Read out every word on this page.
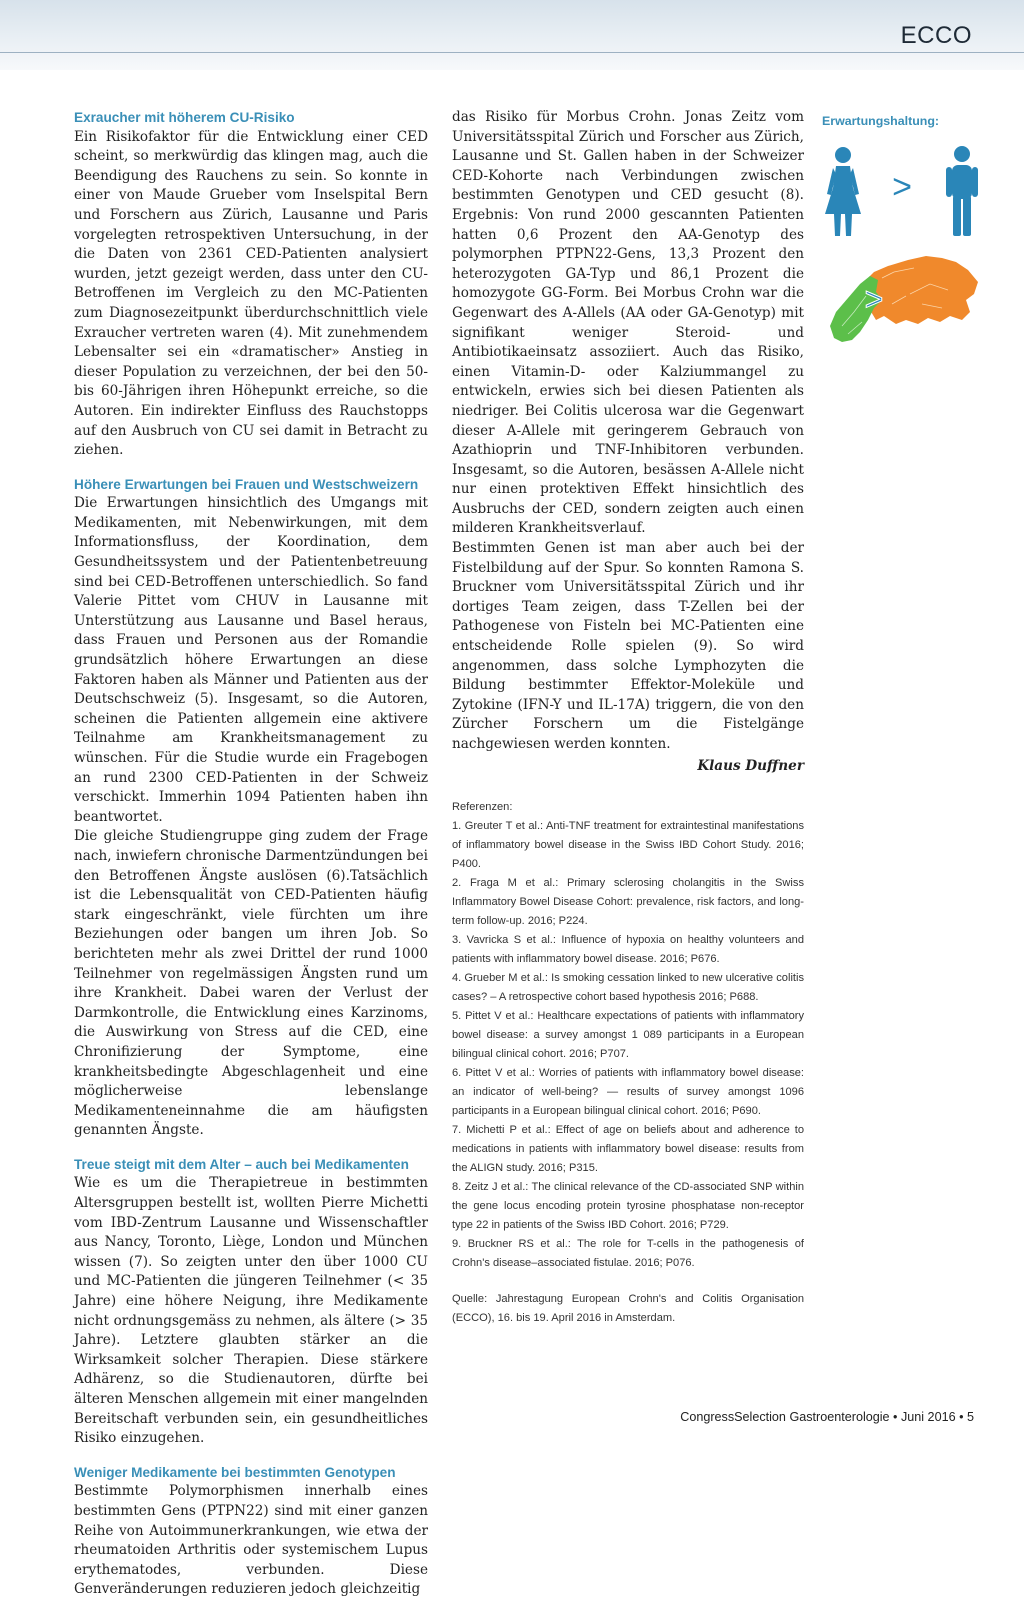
ECCO
Exraucher mit höherem CU-Risiko

Ein Risikofaktor für die Entwicklung einer CED scheint, so merkwürdig das klingen mag, auch die Beendigung des Rauchens zu sein. So konnte in einer von Maude Grueber vom Inselspital Bern und Forschern aus Zürich, Lausanne und Paris vorgelegten retrospektiven Untersuchung, in der die Daten von 2361 CED-Patienten analysiert wurden, jetzt gezeigt werden, dass unter den CU-Betroffenen im Vergleich zu den MC-Patienten zum Diagnosezeitpunkt überdurchschnittlich viele Exraucher vertreten waren (4). Mit zunehmendem Lebensalter sei ein «dramatischer» Anstieg in dieser Population zu verzeichnen, der bei den 50- bis 60-Jährigen ihren Höhepunkt erreiche, so die Autoren. Ein indirekter Einfluss des Rauchstopps auf den Ausbruch von CU sei damit in Betracht zu ziehen.

Höhere Erwartungen bei Frauen und Westschweizern

Die Erwartungen hinsichtlich des Umgangs mit Medikamenten, mit Nebenwirkungen, mit dem Informationsfluss, der Koordination, dem Gesundheitssystem und der Patientenbetreuung sind bei CED-Betroffenen unterschiedlich. So fand Valerie Pittet vom CHUV in Lausanne mit Unterstützung aus Lausanne und Basel heraus, dass Frauen und Personen aus der Romandie grundsätzlich höhere Erwartungen an diese Faktoren haben als Männer und Patienten aus der Deutschschweiz (5). Insgesamt, so die Autoren, scheinen die Patienten allgemein eine aktivere Teilnahme am Krankheitsmanagement zu wünschen. Für die Studie wurde ein Fragebogen an rund 2300 CED-Patienten in der Schweiz verschickt. Immerhin 1094 Patienten haben ihn beantwortet.

Die gleiche Studiengruppe ging zudem der Frage nach, inwiefern chronische Darmentzündungen bei den Betroffenen Ängste auslösen (6).Tatsächlich ist die Lebensqualität von CED-Patienten häufig stark eingeschränkt, viele fürchten um ihre Beziehungen oder bangen um ihren Job. So berichteten mehr als zwei Drittel der rund 1000 Teilnehmer von regelmässigen Ängsten rund um ihre Krankheit. Dabei waren der Verlust der Darmkontrolle, die Entwicklung eines Karzinoms, die Auswirkung von Stress auf die CED, eine Chronifizierung der Symptome, eine krankheitsbedingte Abgeschlagenheit und eine möglicherweise lebenslange Medikamenteneinnahme die am häufigsten genannten Ängste.

Treue steigt mit dem Alter – auch bei Medikamenten

Wie es um die Therapietreue in bestimmten Altersgruppen bestellt ist, wollten Pierre Michetti vom IBD-Zentrum Lausanne und Wissenschaftler aus Nancy, Toronto, Liège, London und München wissen (7). So zeigten unter den über 1000 CU und MC-Patienten die jüngeren Teilnehmer (< 35 Jahre) eine höhere Neigung, ihre Medikamente nicht ordnungsgemäss zu nehmen, als ältere (> 35 Jahre). Letztere glaubten stärker an die Wirksamkeit solcher Therapien. Diese stärkere Adhärenz, so die Studienautoren, dürfte bei älteren Menschen allgemein mit einer mangelnden Bereitschaft verbunden sein, ein gesundheitliches Risiko einzugehen.

Weniger Medikamente bei bestimmten Genotypen

Bestimmte Polymorphismen innerhalb eines bestimmten Gens (PTPN22) sind mit einer ganzen Reihe von Autoimmunerkrankungen, wie etwa der rheumatoiden Arthritis oder systemischem Lupus erythematodes, verbunden. Diese Genveränderungen reduzieren jedoch gleichzeitig

das Risiko für Morbus Crohn. Jonas Zeitz vom Universitätsspital Zürich und Forscher aus Zürich, Lausanne und St. Gallen haben in der Schweizer CED-Kohorte nach Verbindungen zwischen bestimmten Genotypen und CED gesucht (8). Ergebnis: Von rund 2000 gescannten Patienten hatten 0,6 Prozent den AA-Genotyp des polymorphen PTPN22-Gens, 13,3 Prozent den heterozygoten GA-Typ und 86,1 Prozent die homozygote GG-Form. Bei Morbus Crohn war die Gegenwart des A-Allels (AA oder GA-Genotyp) mit signifikant weniger Steroid- und Antibiotikaeinsatz assoziiert. Auch das Risiko, einen Vitamin-D- oder Kalziummangel zu entwickeln, erwies sich bei diesen Patienten als niedriger. Bei Colitis ulcerosa war die Gegenwart dieser A-Allele mit geringerem Gebrauch von Azathioprin und TNF-Inhibitoren verbunden. Insgesamt, so die Autoren, besässen A-Allele nicht nur einen protektiven Effekt hinsichtlich des Ausbruchs der CED, sondern zeigten auch einen milderen Krankheitsverlauf.

Bestimmten Genen ist man aber auch bei der Fistelbildung auf der Spur. So konnten Ramona S. Bruckner vom Universitätsspital Zürich und ihr dortiges Team zeigen, dass T-Zellen bei der Pathogenese von Fisteln bei MC-Patienten eine entscheidende Rolle spielen (9). So wird angenommen, dass solche Lymphozyten die Bildung bestimmter Effektor-Moleküle und Zytokine (IFN-Y und IL-17A) triggern, die von den Zürcher Forschern um die Fistelgänge nachgewiesen werden konnten.

Klaus Duffner
Referenzen:
1. Greuter T et al.: Anti-TNF treatment for extraintestinal manifestations of inflammatory bowel disease in the Swiss IBD Cohort Study. 2016; P400.
2. Fraga M et al.: Primary sclerosing cholangitis in the Swiss Inflammatory Bowel Disease Cohort: prevalence, risk factors, and long-term follow-up. 2016; P224.
3. Vavricka S et al.: Influence of hypoxia on healthy volunteers and patients with inflammatory bowel disease. 2016; P676.
4. Grueber M et al.: Is smoking cessation linked to new ulcerative colitis cases? – A retrospective cohort based hypothesis 2016; P688.
5. Pittet V et al.: Healthcare expectations of patients with inflammatory bowel disease: a survey amongst 1 089 participants in a European bilingual clinical cohort. 2016; P707.
6. Pittet V et al.: Worries of patients with inflammatory bowel disease: an indicator of well-being? — results of survey amongst 1096 participants in a European bilingual clinical cohort. 2016; P690.
7. Michetti P et al.: Effect of age on beliefs about and adherence to medications in patients with inflammatory bowel disease: results from the ALIGN study. 2016; P315.
8. Zeitz J et al.: The clinical relevance of the CD-associated SNP within the gene locus encoding protein tyrosine phosphatase non-receptor type 22 in patients of the Swiss IBD Cohort. 2016; P729.
9. Bruckner RS et al.: The role for T-cells in the pathogenesis of Crohn's disease–associated fistulae. 2016; P076.
Quelle: Jahrestagung European Crohn's and Colitis Organisation (ECCO), 16. bis 19. April 2016 in Amsterdam.
Erwartungshaltung:
>
>
CongressSelection Gastroenterologie • Juni 2016 • 5
